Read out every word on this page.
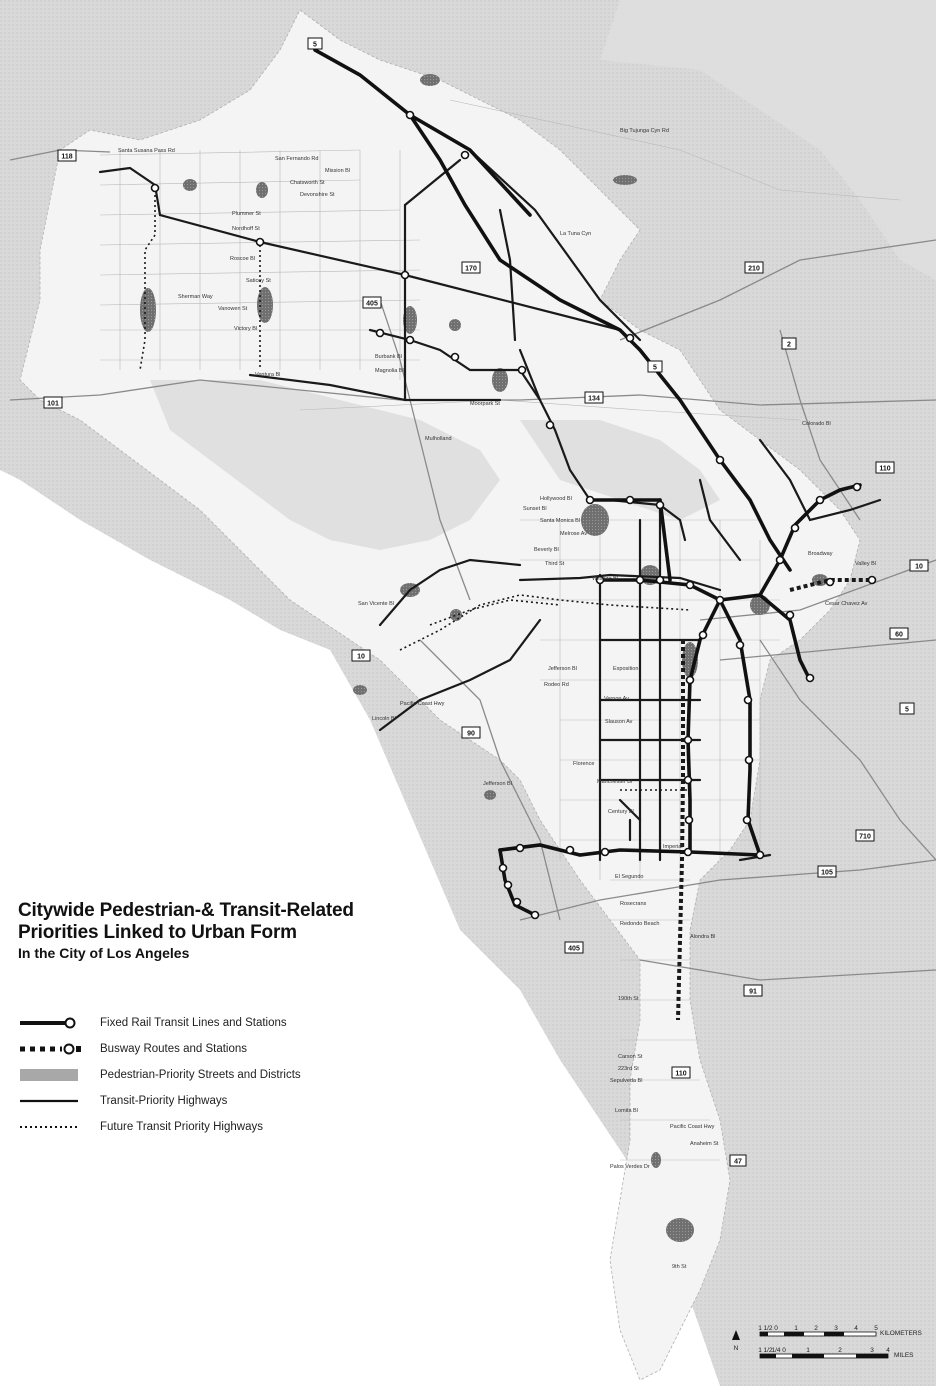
5
118
170
405
210
2
134
110
101
10
10
60
5
5
90
105
710
405
91
110
47
Santa Susana Pass Rd
San Fernando Rd
Mission Bl
Chatsworth St
Devonshire St
Plummer St
Nordhoff St
Roscoe Bl
Saticoy St
Sherman Way
Vanowen St
Victory Bl
Ventura Bl
Burbank Bl
Magnolia Bl
Moorpark St
Mulholland
Sunset Bl
Hollywood Bl
Santa Monica Bl
Melrose Av
Beverly Bl
Third St
Wilshire Bl
Jefferson Bl
Rodeo Rd
Exposition
Vernon Av
Slauson Av
Florence
Manchester Bl
Century Bl
Imperial
El Segundo
Rosecrans
Redondo Beach
Alondra Bl
190th St
Carson St
223rd St
Sepulveda Bl
Lomita Bl
Pacific Coast Hwy
Anaheim St
Palos Verdes Dr
9th St
Colorado Bl
Broadway
Valley Bl
Cesar Chavez Av
Big Tujunga Cyn Rd
La Tuna Cyn
Pacific Coast Hwy
Lincoln Bl
Jefferson Bl
San Vicente Bl
Citywide Pedestrian-& Transit-Related
Priorities Linked to Urban Form
In the City of Los Angeles
Fixed Rail Transit Lines and Stations
Busway Routes and Stations
Pedestrian-Priority Streets and Districts
Transit-Priority Highways
Future Transit Priority Highways
N
1 1/2 0	1	2	3	4	5
KILOMETERS
1 1/2
1/4 0	1	2	3 4
MILES
